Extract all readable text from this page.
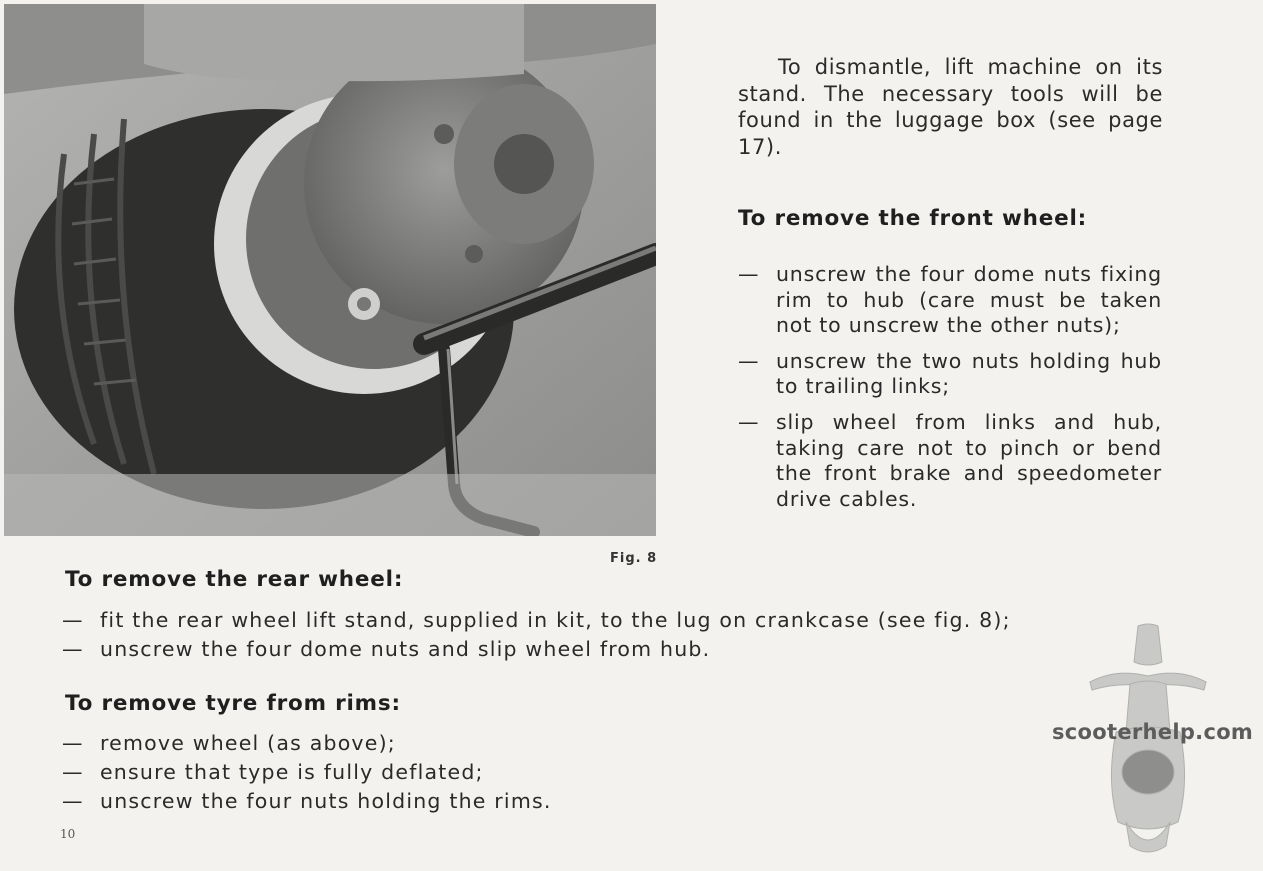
Fig. 8

To dismantle, lift machine on its stand. The necessary tools will be found in the luggage box (see page 17).

To remove the front wheel:
— unscrew the four dome nuts fixing rim to hub (care must be taken not to unscrew the other nuts);
— unscrew the two nuts holding hub to trailing links;
— slip wheel from links and hub, taking care not to pinch or bend the front brake and speedometer drive cables.
To remove the rear wheel:
— fit the rear wheel lift stand, supplied in kit, to the lug on crankcase (see fig. 8);
— unscrew the four dome nuts and slip wheel from hub.
To remove tyre from rims:
— remove wheel (as above);
— ensure that type is fully deflated;
— unscrew the four nuts holding the rims.
10
scooterhelp.com
